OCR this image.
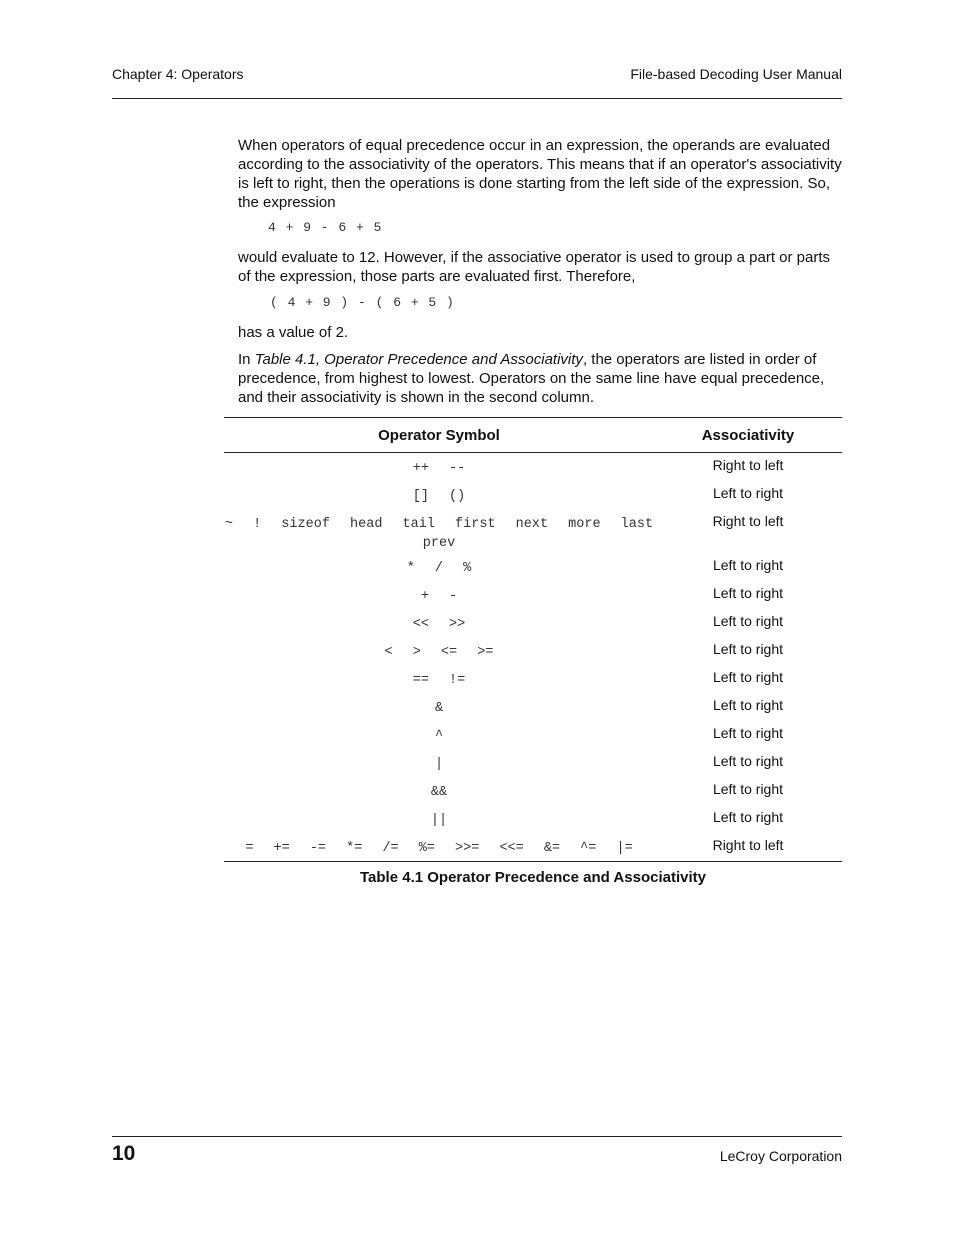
Chapter 4: Operators	File-based Decoding User Manual
When operators of equal precedence occur in an expression, the operands are evaluated according to the associativity of the operators. This means that if an operator's associativity is left to right, then the operations is done starting from the left side of the expression. So, the expression
4 + 9 - 6 + 5
would evaluate to 12. However, if the associative operator is used to group a part or parts of the expression, those parts are evaluated first. Therefore,
( 4 + 9 ) - ( 6 + 5 )
has a value of 2.
In Table 4.1, Operator Precedence and Associativity, the operators are listed in order of precedence, from highest to lowest. Operators on the same line have equal precedence, and their associativity is shown in the second column.
Operator Symbol	Associativity
++ --	Right to left
[] ()	Left to right
~ ! sizeof head tail first next more last prev	Right to left
* / %	Left to right
+ -	Left to right
<< >>	Left to right
< > <= >=	Left to right
== !=	Left to right
&	Left to right
^	Left to right
|	Left to right
&&	Left to right
||	Left to right
= += -= *= /= %= >>= <<= &= ^= |=	Right to left
Table 4.1 Operator Precedence and Associativity
10	LeCroy Corporation
